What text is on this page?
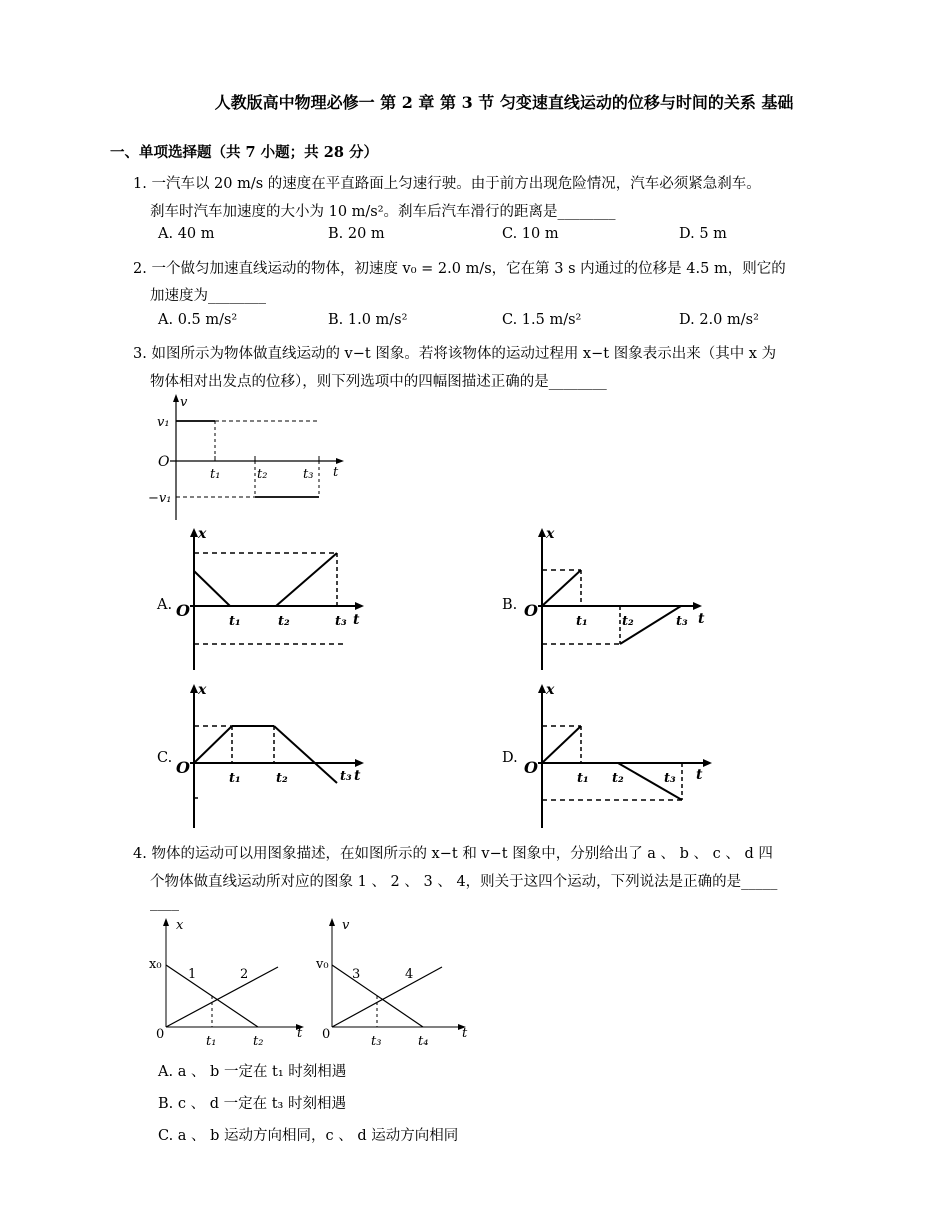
人教版高中物理必修一 第 2 章 第 3 节 匀变速直线运动的位移与时间的关系 基础
一、单项选择题（共 7 小题；共 28 分）
1. 一汽车以 20 m/s 的速度在平直路面上匀速行驶。由于前方出现危险情况，汽车必须紧急刹车。
刹车时汽车加速度的大小为 10 m/s²。刹车后汽车滑行的距离是________
A. 40 m	B. 20 m	C. 10 m	D. 5 m
2. 一个做匀加速直线运动的物体，初速度 v₀ = 2.0 m/s，它在第 3 s 内通过的位移是 4.5 m，则它的
加速度为________
A. 0.5 m/s²	B. 1.0 m/s²	C. 1.5 m/s²	D. 2.0 m/s²
3. 如图所示为物体做直线运动的 v−t 图象。若将该物体的运动过程用 x−t 图象表示出来（其中 x 为
物体相对出发点的位移），则下列选项中的四幅图描述正确的是________
v
v₁
O
−v₁
t₁	t₂	t₃ t
A.
x
O
t₁	t₂	t₃ t
B.
x
O
t₁	t₂	t₃ t
C.
x
O
t₁	t₂	t₃ t
D.
x
O
t₁ t₂	t₃ t
4. 物体的运动可以用图象描述，在如图所示的 x−t 和 v−t 图象中，分别给出了 a 、 b 、 c 、 d 四
个物体做直线运动所对应的图象 1 、 2 、 3 、 4，则关于这四个运动，下列说法是正确的是_____
____
x
x₀
1	2
0	t₁	t₂
t
v
v₀
3	4
0	t₃	t₄
t
A. a 、 b 一定在 t₁ 时刻相遇
B. c 、 d 一定在 t₃ 时刻相遇
C. a 、 b 运动方向相同，c 、 d 运动方向相同
